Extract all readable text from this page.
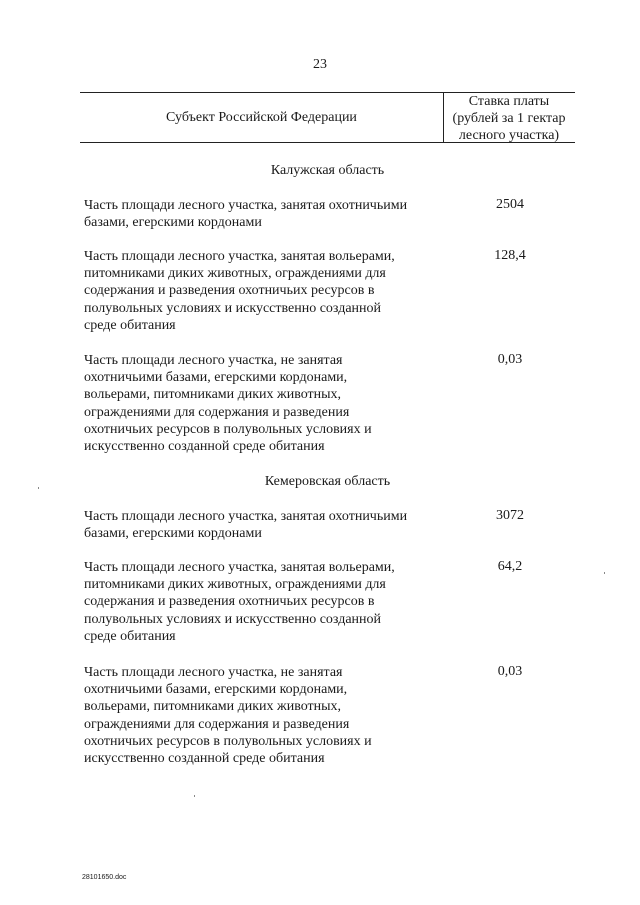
23
Субъект Российской Федерации
Ставка платы
(рублей за 1 гектар
лесного участка)
Калужская область
Часть площади лесного участка, занятая охотничьими
базами, егерскими кордонами
2504
Часть площади лесного участка, занятая вольерами,
питомниками диких животных, ограждениями для
содержания и разведения охотничьих ресурсов в
полувольных условиях и искусственно созданной
среде обитания
128,4
Часть площади лесного участка, не занятая
охотничьими базами, егерскими кордонами,
вольерами, питомниками диких животных,
ограждениями для содержания и разведения
охотничьих ресурсов в полувольных условиях и
искусственно созданной среде обитания
0,03
Кемеровская область
Часть площади лесного участка, занятая охотничьими
базами, егерскими кордонами
3072
Часть площади лесного участка, занятая вольерами,
питомниками диких животных, ограждениями для
содержания и разведения охотничьих ресурсов в
полувольных условиях и искусственно созданной
среде обитания
64,2
Часть площади лесного участка, не занятая
охотничьими базами, егерскими кордонами,
вольерами, питомниками диких животных,
ограждениями для содержания и разведения
охотничьих ресурсов в полувольных условиях и
искусственно созданной среде обитания
0,03
28101650.doc
